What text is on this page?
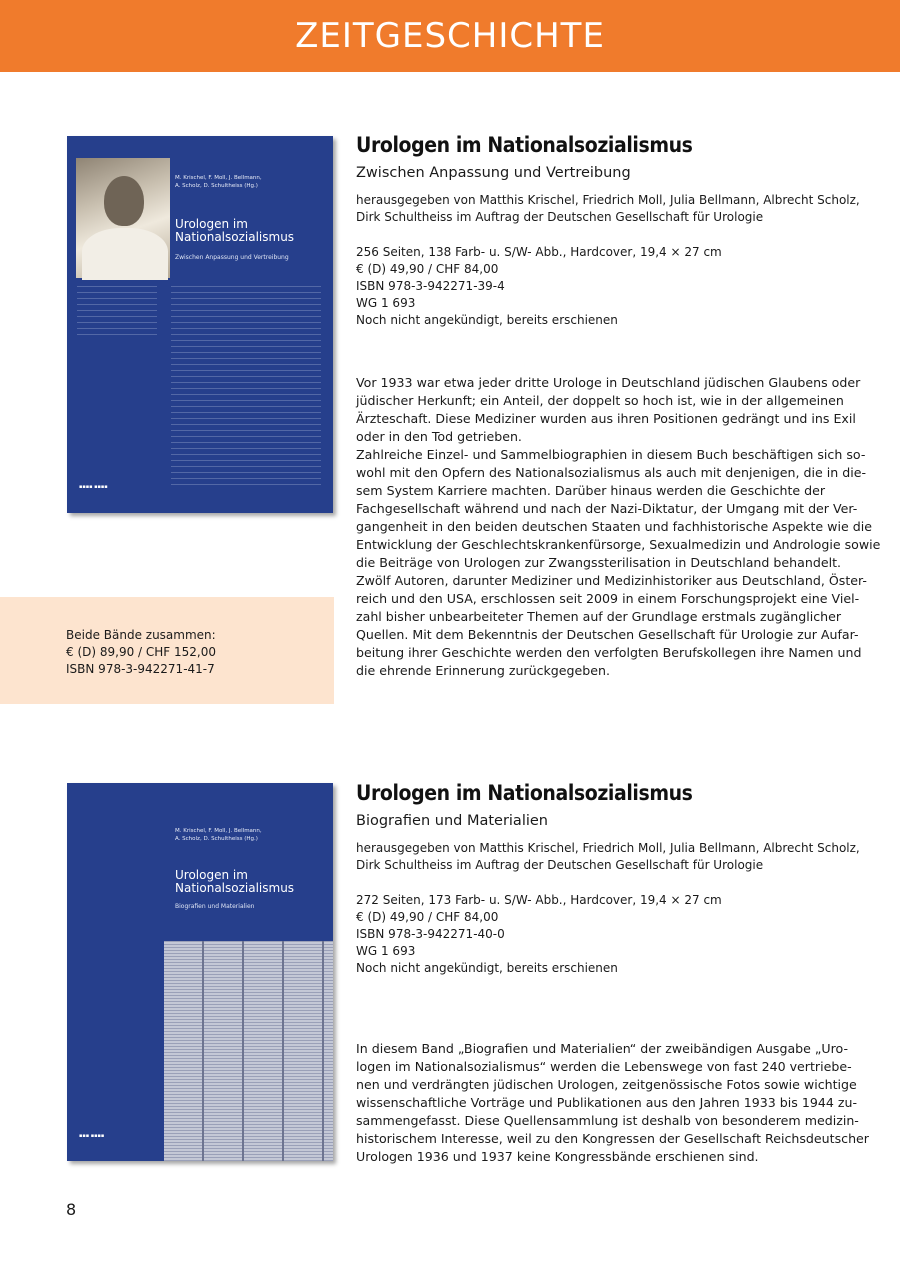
ZEITGESCHICHTE
M. Krischel, F. Moll, J. Bellmann,
A. Scholz, D. Schultheiss (Hg.)
Urologen im
Nationalsozialismus
Zwischen Anpassung und Vertreibung
▪▪▪▪ ▪▪▪▪
Urologen im Nationalsozialismus
Zwischen Anpassung und Vertreibung
herausgegeben von Matthis Krischel, Friedrich Moll, Julia Bellmann, Albrecht Scholz,
Dirk Schultheiss im Auftrag der Deutschen Gesellschaft für Urologie
256 Seiten, 138 Farb- u. S/W- Abb., Hardcover, 19,4 × 27 cm
€ (D) 49,90 / CHF 84,00
ISBN 978-3-942271-39-4
WG 1 693
Noch nicht angekündigt, bereits erschienen
Vor 1933 war etwa jeder dritte Urologe in Deutschland jüdischen Glaubens oder
jüdischer Herkunft; ein Anteil, der doppelt so hoch ist, wie in der allgemeinen
Ärzteschaft. Diese Mediziner wurden aus ihren Positionen gedrängt und ins Exil
oder in den Tod getrieben.
Zahlreiche Einzel- und Sammelbiographien in diesem Buch beschäftigen sich so-
wohl mit den Opfern des Nationalsozialismus als auch mit denjenigen, die in die-
sem System Karriere machten. Darüber hinaus werden die Geschichte der
Fachgesellschaft während und nach der Nazi-Diktatur, der Umgang mit der Ver-
gangenheit in den beiden deutschen Staaten und fachhistorische Aspekte wie die
Entwicklung der Geschlechtskrankenfürsorge, Sexualmedizin und Andrologie sowie
die Beiträge von Urologen zur Zwangssterilisation in Deutschland behandelt.
Zwölf Autoren, darunter Mediziner und Medizinhistoriker aus Deutschland, Öster-
reich und den USA, erschlossen seit 2009 in einem Forschungsprojekt eine Viel-
zahl bisher unbearbeiteter Themen auf der Grundlage erstmals zugänglicher
Quellen. Mit dem Bekenntnis der Deutschen Gesellschaft für Urologie zur Aufar-
beitung ihrer Geschichte werden den verfolgten Berufskollegen ihre Namen und
die ehrende Erinnerung zurückgegeben.
Beide Bände zusammen:
€ (D) 89,90 / CHF 152,00
ISBN 978-3-942271-41-7
M. Krischel, F. Moll, J. Bellmann,
A. Scholz, D. Schultheiss (Hg.)
Urologen im
Nationalsozialismus
Biografien und Materialien
▪▪▪ ▪▪▪▪
Urologen im Nationalsozialismus
Biografien und Materialien
herausgegeben von Matthis Krischel, Friedrich Moll, Julia Bellmann, Albrecht Scholz,
Dirk Schultheiss im Auftrag der Deutschen Gesellschaft für Urologie
272 Seiten, 173 Farb- u. S/W- Abb., Hardcover, 19,4 × 27 cm
€ (D) 49,90 / CHF 84,00
ISBN 978-3-942271-40-0
WG 1 693
Noch nicht angekündigt, bereits erschienen
In diesem Band „Biografien und Materialien“ der zweibändigen Ausgabe „Uro-
logen im Nationalsozialismus“ werden die Lebenswege von fast 240 vertriebe-
nen und verdrängten jüdischen Urologen, zeitgenössische Fotos sowie wichtige
wissenschaftliche Vorträge und Publikationen aus den Jahren 1933 bis 1944 zu-
sammengefasst. Diese Quellensammlung ist deshalb von besonderem medizin-
historischem Interesse, weil zu den Kongressen der Gesellschaft Reichsdeutscher
Urologen 1936 und 1937 keine Kongressbände erschienen sind.
8
